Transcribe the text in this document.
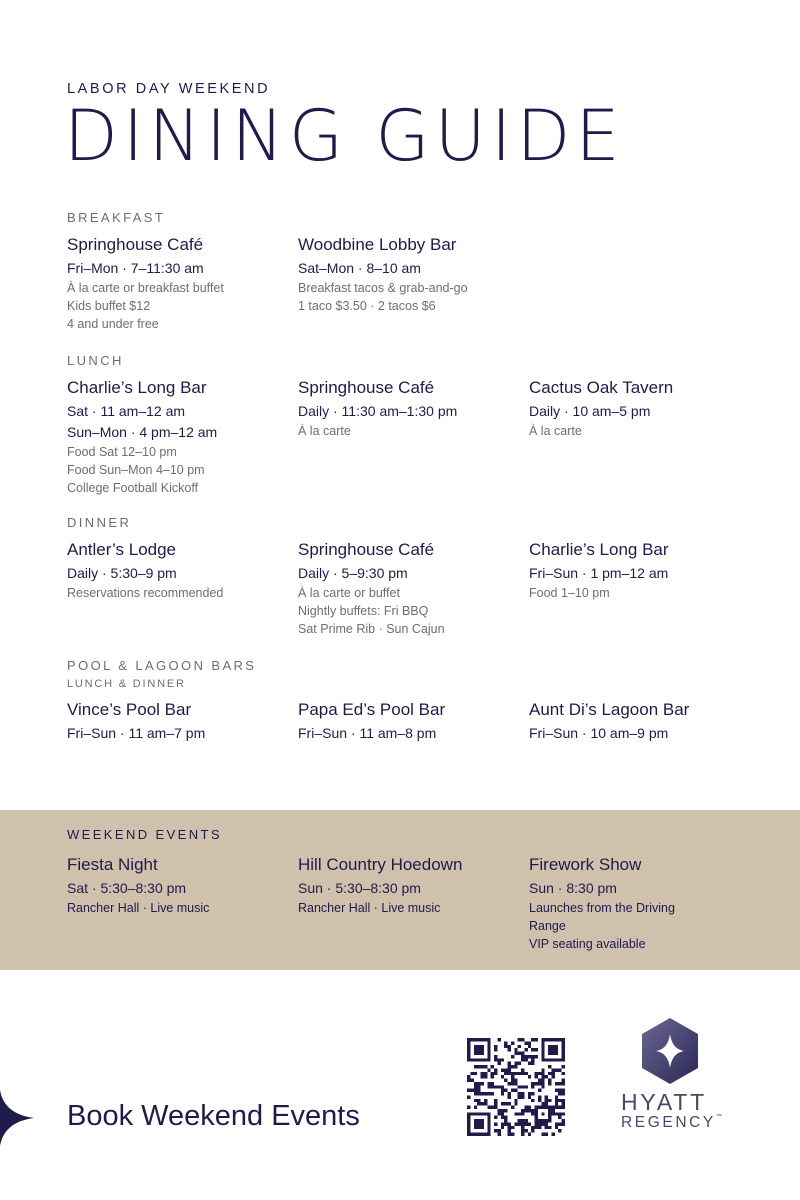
LABOR DAY WEEKEND
DINING GUIDE
BREAKFAST
Springhouse Café
Fri–Mon · 7–11:30 am
À la carte or breakfast buffet
Kids buffet $12
4 and under free
Woodbine Lobby Bar
Sat–Mon · 8–10 am
Breakfast tacos & grab-and-go
1 taco $3.50 · 2 tacos $6
LUNCH
Charlie’s Long Bar
Sat · 11 am–12 am
Sun–Mon · 4 pm–12 am
Food Sat 12–10 pm
Food Sun–Mon 4–10 pm
College Football Kickoff
Springhouse Café
Daily · 11:30 am–1:30 pm
À la carte
Cactus Oak Tavern
Daily · 10 am–5 pm
À la carte
DINNER
Antler’s Lodge
Daily · 5:30–9 pm
Reservations recommended
Springhouse Café
Daily · 5–9:30 pm
À la carte or buffet
Nightly buffets: Fri BBQ
Sat Prime Rib · Sun Cajun
Charlie’s Long Bar
Fri–Sun · 1 pm–12 am
Food 1–10 pm
POOL & LAGOON BARS
LUNCH & DINNER
Vince’s Pool Bar
Fri–Sun · 11 am–7 pm
Papa Ed’s Pool Bar
Fri–Sun · 11 am–8 pm
Aunt Di’s Lagoon Bar
Fri–Sun · 10 am–9 pm
WEEKEND EVENTS
Fiesta Night
Sat · 5:30–8:30 pm
Rancher Hall · Live music
Hill Country Hoedown
Sun · 5:30–8:30 pm
Rancher Hall · Live music
Firework Show
Sun · 8:30 pm
Launches from the Driving
Range
VIP seating available
Book Weekend Events	HYATT
REGENCY™
